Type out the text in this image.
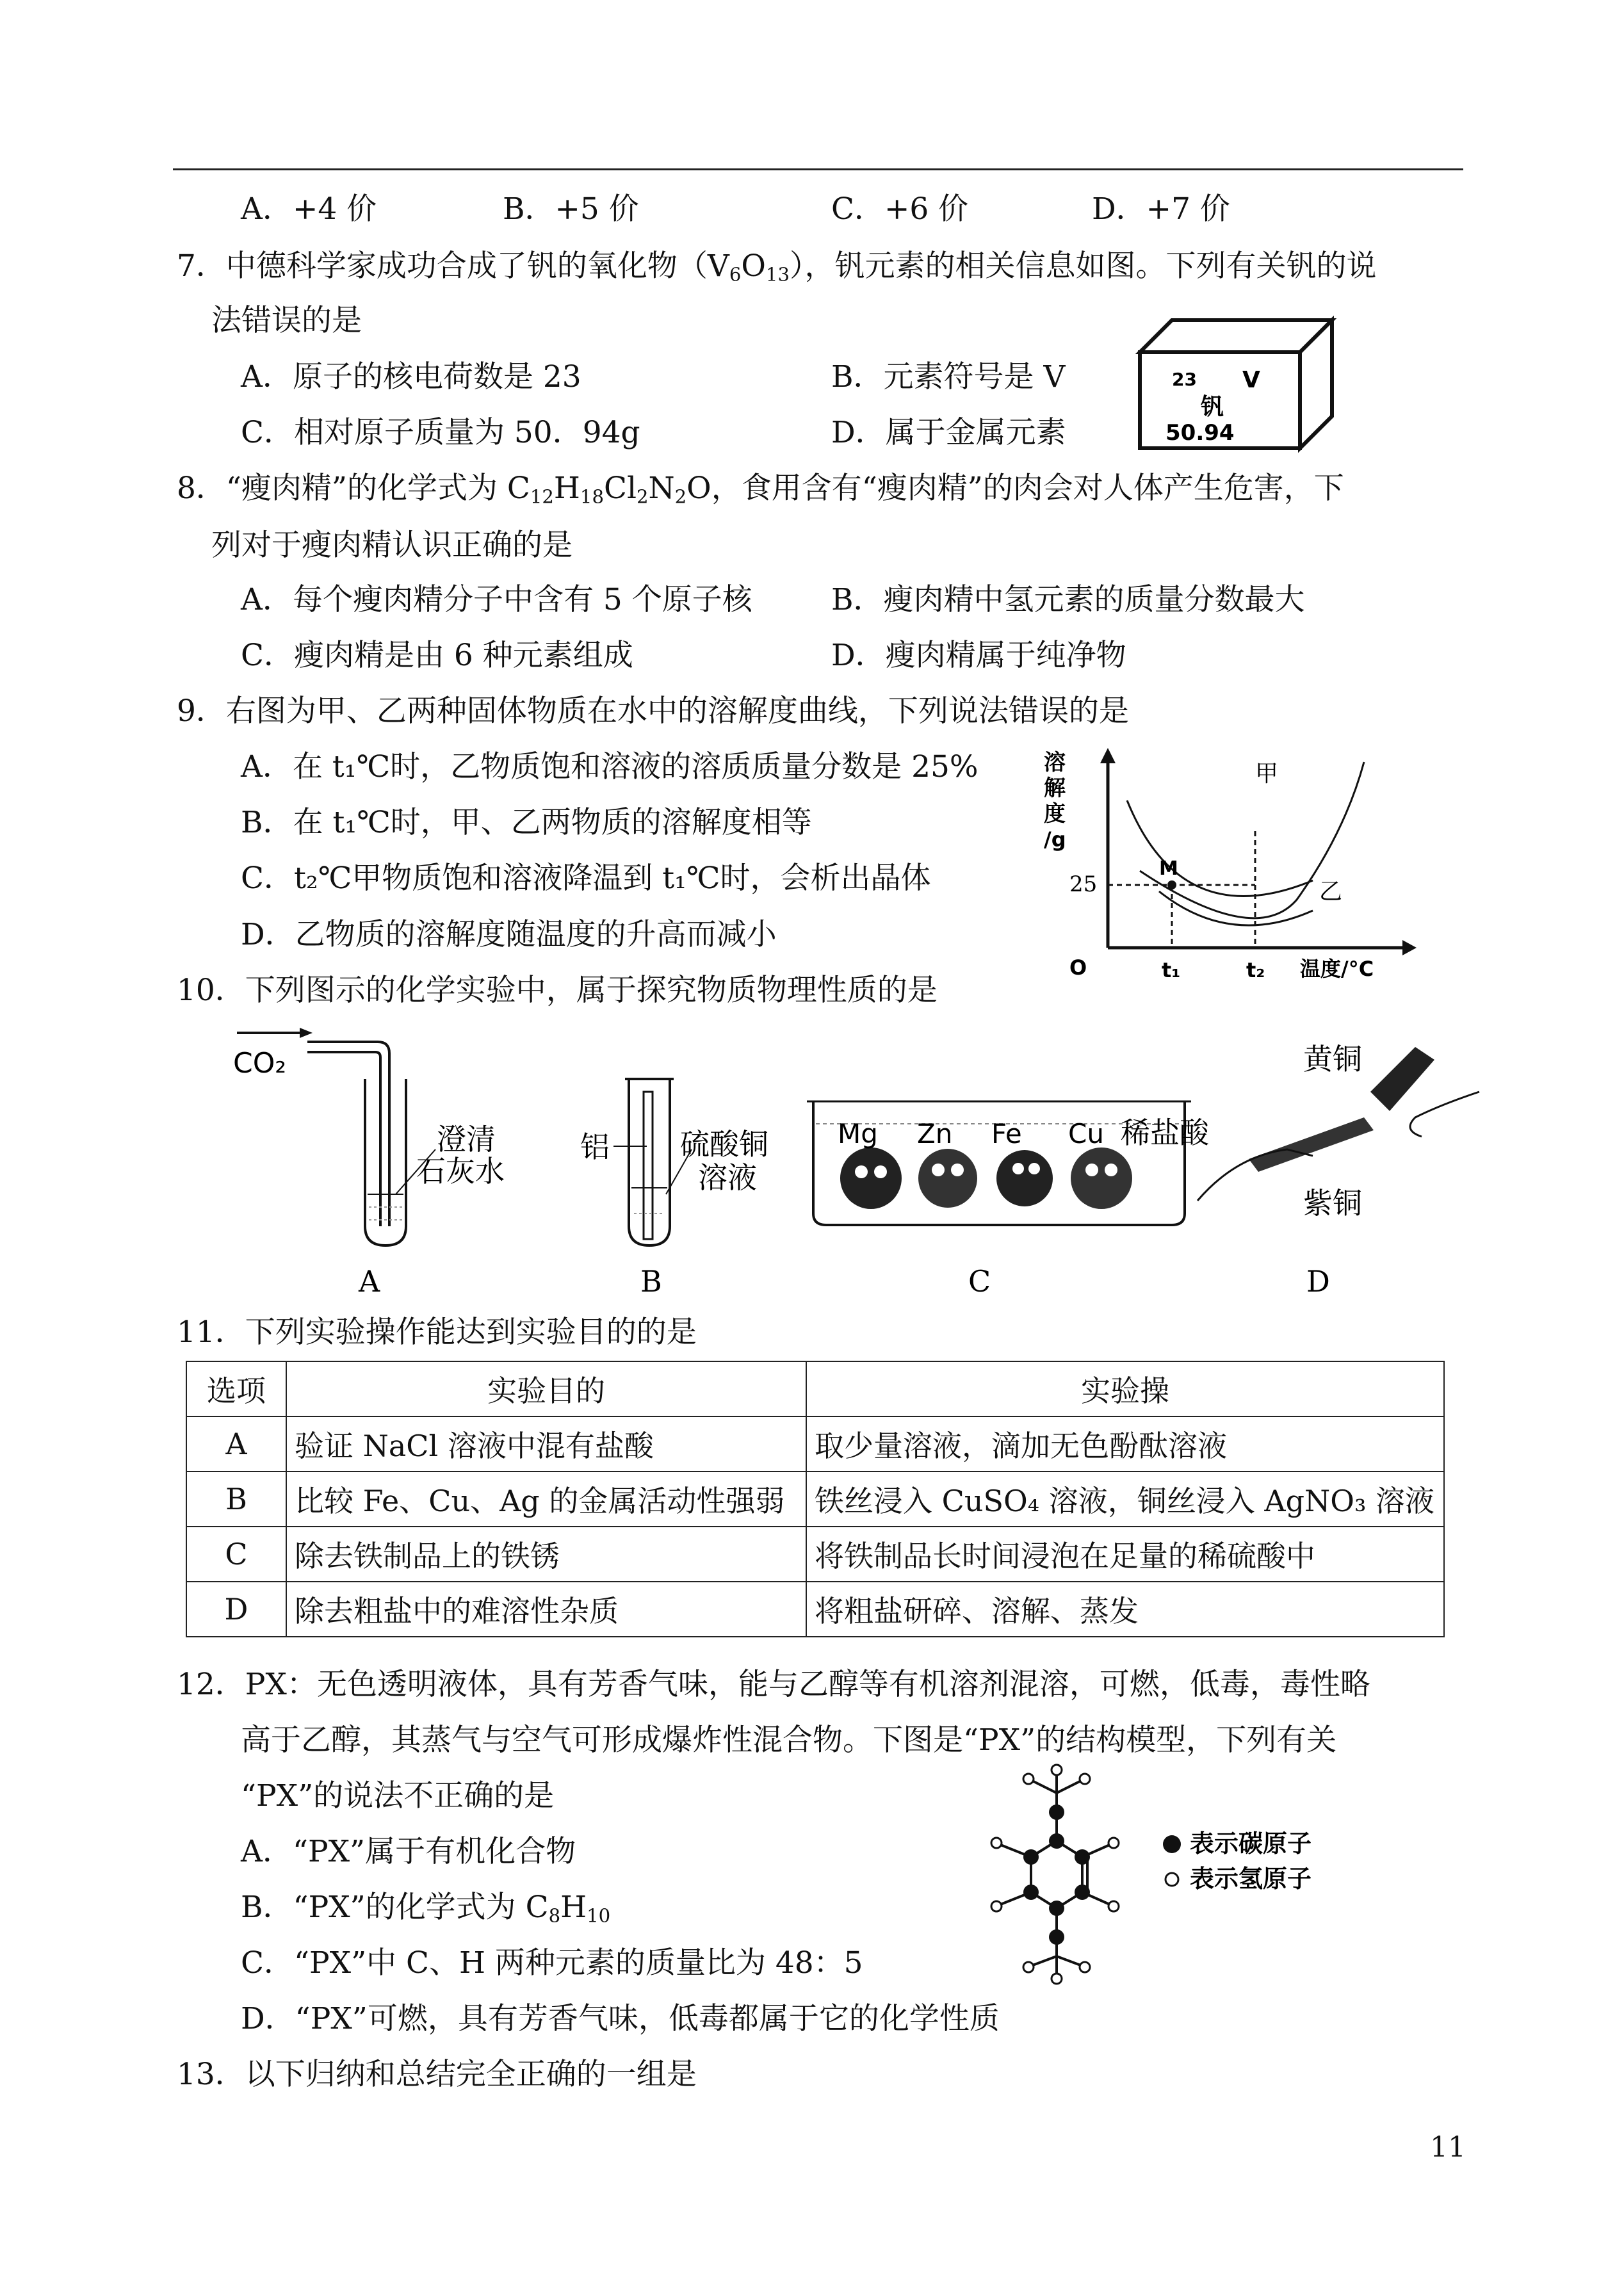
A．+4 价	B．+5 价	C．+6 价	D．+7 价
7．中德科学家成功合成了钒的氧化物$(V_6O_{13})$，钒元素的相关信息如图。下列有关钒的说
法错误的是
A．原子的核电荷数是 23	B．元素符号是 V
C．相对原子质量为 50．94g	D．属于金属元素
23 V
钒
50.94
8．“瘦肉精”的化学式为 $C_{12}H_{18}Cl_2N_2O$，食用含有“瘦肉精”的肉会对人体产生危害，下
列对于瘦肉精认识正确的是
A．每个瘦肉精分子中含有 5 个原子核	B．瘦肉精中氢元素的质量分数最大
C．瘦肉精是由 6 种元素组成	D．瘦肉精属于纯净物
9．右图为甲、乙两种固体物质在水中的溶解度曲线，下列说法错误的是
A．在 t₁℃时，乙物质饱和溶液的溶质质量分数是 25%
B．在 t₁℃时，甲、乙两物质的溶解度相等
C．t₂℃甲物质饱和溶液降温到 t₁℃时，会析出晶体
D．乙物质的溶解度随温度的升高而减小
溶
解
度
/g
25
M
甲
乙
O	t₁	t₂ 温度/°C
10．下列图示的化学实验中，属于探究物质物理性质的是
CO₂
澄清
石灰水
铝 硫酸铜
溶液
Mg Zn Fe Cu 稀盐酸
黄铜
紫铜
A	B	C	D
11．下列实验操作能达到实验目的的是
选项	实验目的	实验操
A	验证 NaCl 溶液中混有盐酸	取少量溶液，滴加无色酚酞溶液
B	比较 Fe、Cu、Ag 的金属活动性强弱	铁丝浸入 CuSO₄ 溶液，铜丝浸入 AgNO₃ 溶液
C	除去铁制品上的铁锈	将铁制品长时间浸泡在足量的稀硫酸中
D	除去粗盐中的难溶性杂质	将粗盐研碎、溶解、蒸发
12．PX：无色透明液体，具有芳香气味，能与乙醇等有机溶剂混溶，可燃，低毒，毒性略
高于乙醇，其蒸气与空气可形成爆炸性混合物。下图是“PX”的结构模型，下列有关
“PX”的说法不正确的是
A．“PX”属于有机化合物
B．“PX”的化学式为 $C_8H_{10}$
C．“PX”中 C、H 两种元素的质量比为 48：5
D．“PX”可燃，具有芳香气味，低毒都属于它的化学性质
表示碳原子
表示氢原子
13．以下归纳和总结完全正确的一组是
11
